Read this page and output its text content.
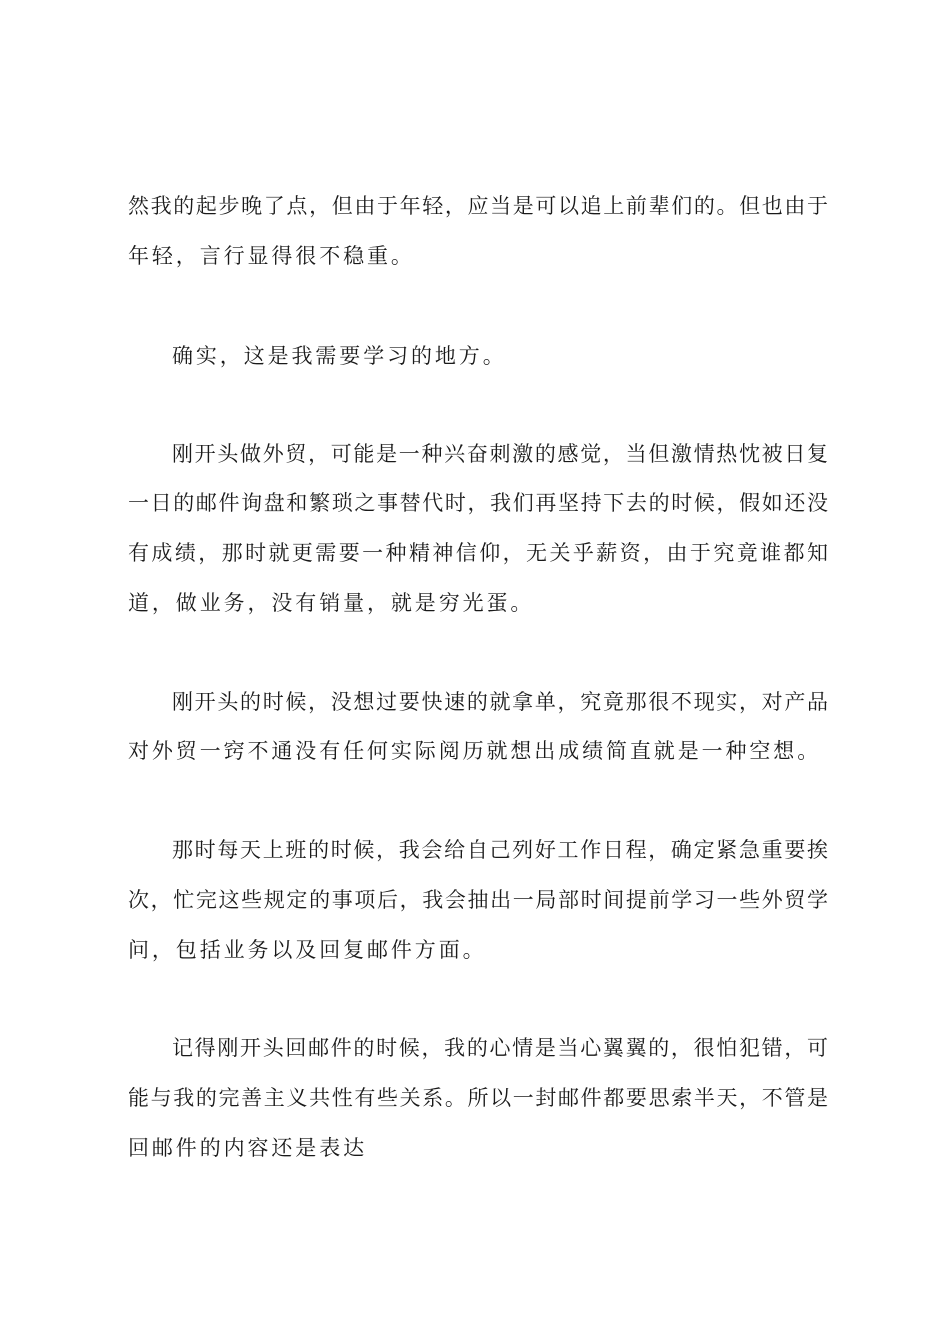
然我的起步晚了点，但由于年轻，应当是可以追上前辈们的。但也由于
年轻，言行显得很不稳重。
确实，这是我需要学习的地方。
刚开头做外贸，可能是一种兴奋刺激的感觉，当但激情热忱被日复
一日的邮件询盘和繁琐之事替代时，我们再坚持下去的时候，假如还没
有成绩，那时就更需要一种精神信仰，无关乎薪资，由于究竟谁都知
道，做业务，没有销量，就是穷光蛋。
刚开头的时候，没想过要快速的就拿单，究竟那很不现实，对产品
对外贸一窍不通没有任何实际阅历就想出成绩简直就是一种空想。
那时每天上班的时候，我会给自己列好工作日程，确定紧急重要挨
次，忙完这些规定的事项后，我会抽出一局部时间提前学习一些外贸学
问，包括业务以及回复邮件方面。
记得刚开头回邮件的时候，我的心情是当心翼翼的，很怕犯错，可
能与我的完善主义共性有些关系。所以一封邮件都要思索半天，不管是
回邮件的内容还是表达
